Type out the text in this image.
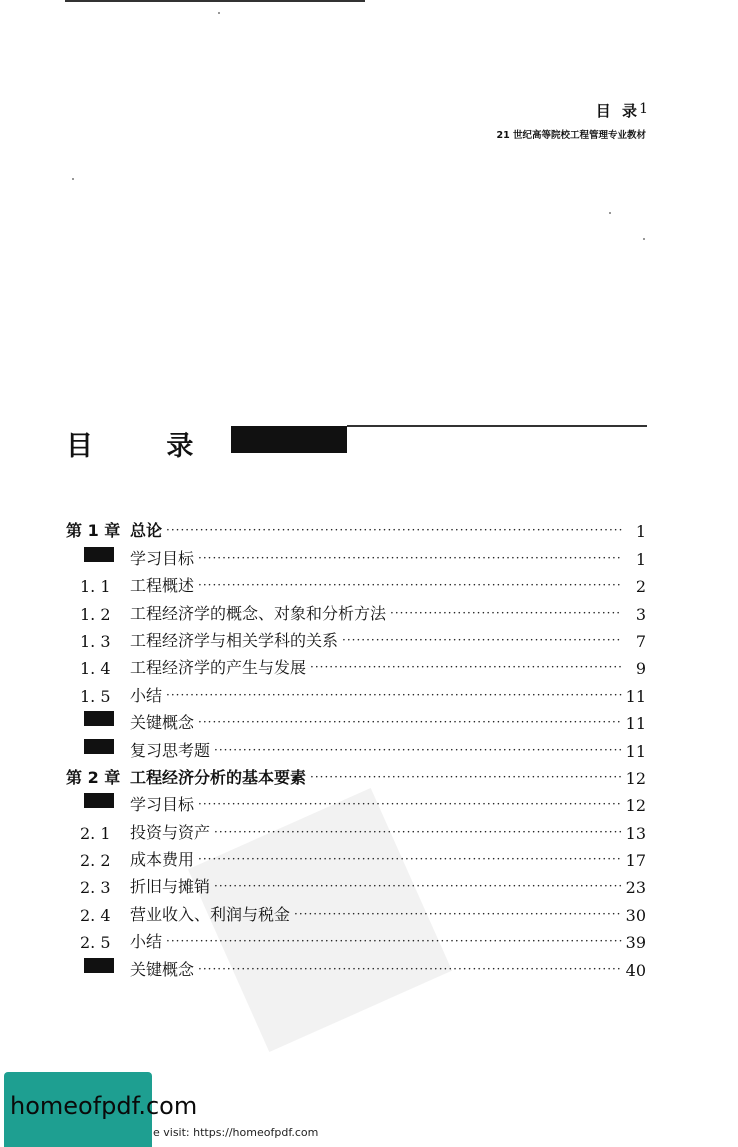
目 录 1
21 世纪高等院校工程管理专业教材
目 录
第 1 章 总论 ·····	1
学习目标 ·····	1
1. 1	工程概述 ·····	2
1. 2	工程经济学的概念、对象和分析方法 ·····	3
1. 3	工程经济学与相关学科的关系 ·····	7
1. 4	工程经济学的产生与发展 ·····	9
1. 5	小结 ·····	11
关键概念 ·····	11
复习思考题 ·····	11
第 2 章 工程经济分析的基本要素 ·····	12
学习目标 ·····	12
2. 1	投资与资产 ·····	13
2. 2	成本费用 ·····	17
2. 3	折旧与摊销 ·····	23
2. 4	营业收入、利润与税金 ·····	30
2. 5	小结 ·····	39
关键概念 ·····	40
homeofpdf.com
e visit: https://homeofpdf.com
